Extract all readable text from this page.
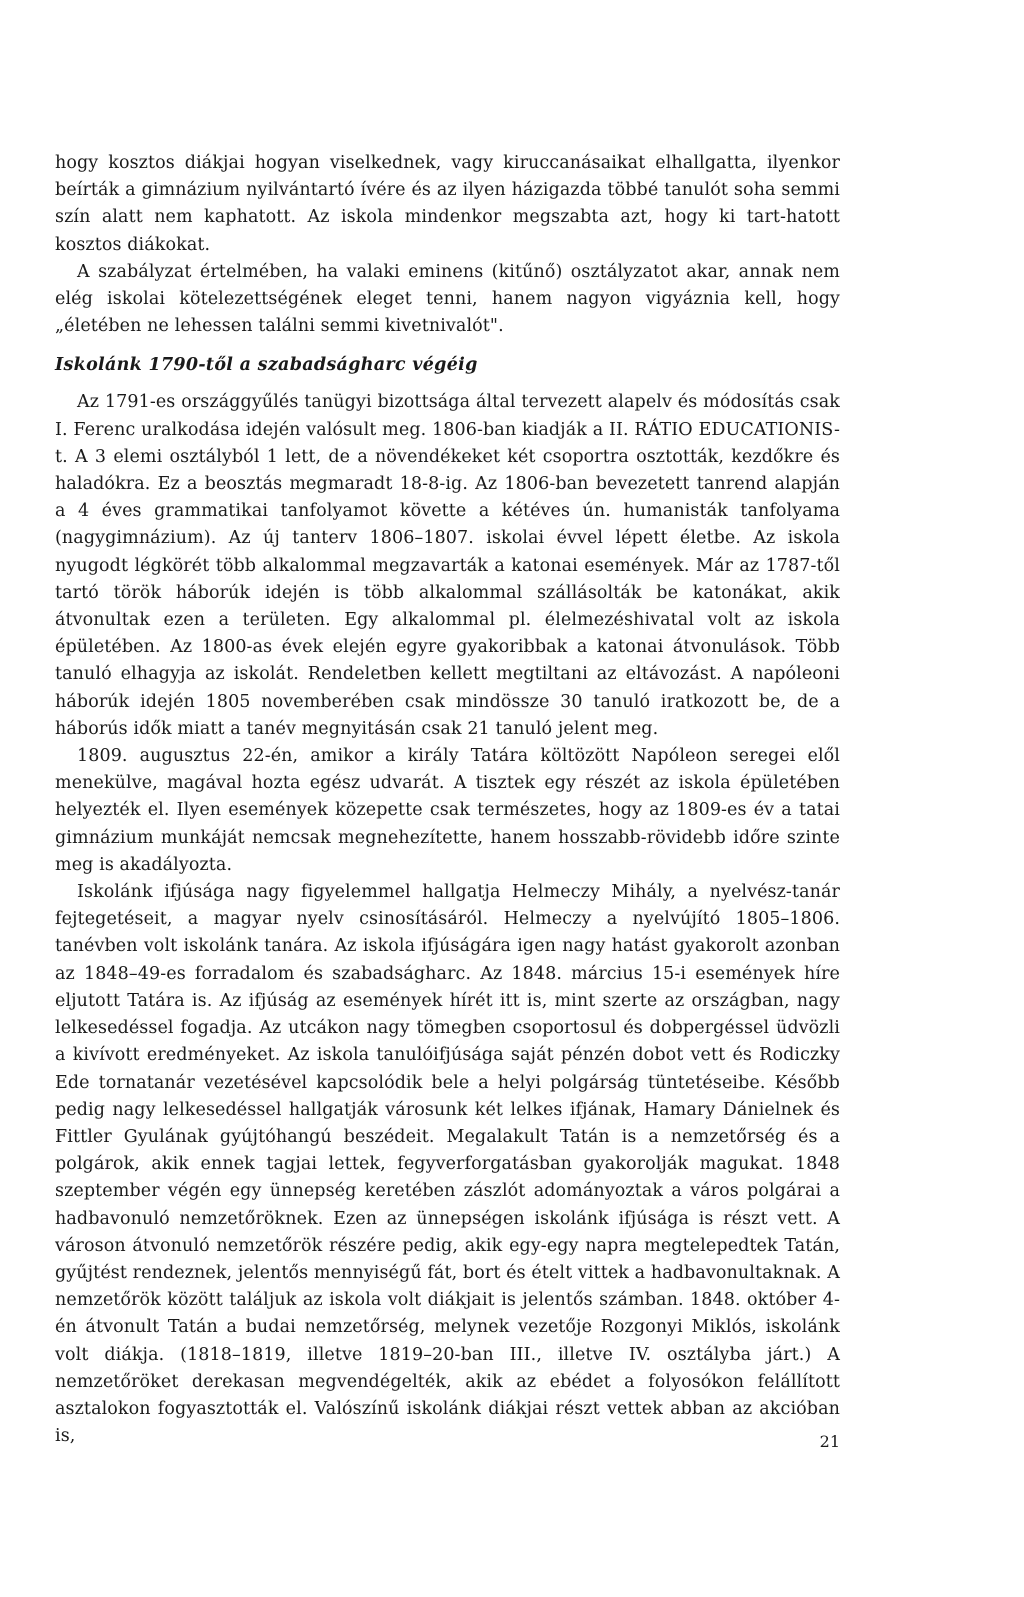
hogy kosztos diákjai hogyan viselkednek, vagy kiruccanásaikat elhallgatta, ilyenkor beírták a gimnázium nyilvántartó ívére és az ilyen házigazda többé tanulót soha semmi szín alatt nem kaphatott. Az iskola mindenkor megszabta azt, hogy ki tart-hatott kosztos diákokat.

A szabályzat értelmében, ha valaki eminens (kitűnő) osztályzatot akar, annak nem elég iskolai kötelezettségének eleget tenni, hanem nagyon vigyáznia kell, hogy „életében ne lehessen találni semmi kivetnivalót".

Iskolánk 1790-től a szabadságharc végéig

Az 1791-es országgyűlés tanügyi bizottsága által tervezett alapelv és módosítás csak I. Ferenc uralkodása idején valósult meg. 1806-ban kiadják a II. RÁTIO EDUCATIONIS-t. A 3 elemi osztályból 1 lett, de a növendékeket két csoportra osztották, kezdőkre és haladókra. Ez a beosztás megmaradt 18-8-ig. Az 1806-ban bevezetett tanrend alapján a 4 éves grammatikai tanfolyamot követte a kétéves ún. humanisták tanfolyama (nagygimnázium). Az új tanterv 1806–1807. iskolai évvel lépett életbe. Az iskola nyugodt légkörét több alkalommal megzavarták a katonai események. Már az 1787-től tartó török háborúk idején is több alkalommal szállásolták be katonákat, akik átvonultak ezen a területen. Egy alkalommal pl. élelmezéshivatal volt az iskola épületében. Az 1800-as évek elején egyre gyakoribbak a katonai átvonulások. Több tanuló elhagyja az iskolát. Rendeletben kellett megtiltani az eltávozást. A napóleoni háborúk idején 1805 novemberében csak mindössze 30 tanuló iratkozott be, de a háborús idők miatt a tanév megnyitásán csak 21 tanuló jelent meg.

1809. augusztus 22-én, amikor a király Tatára költözött Napóleon seregei elől menekülve, magával hozta egész udvarát. A tisztek egy részét az iskola épületében helyezték el. Ilyen események közepette csak természetes, hogy az 1809-es év a tatai gimnázium munkáját nemcsak megnehezítette, hanem hosszabb-rövidebb időre szinte meg is akadályozta.

Iskolánk ifjúsága nagy figyelemmel hallgatja Helmeczy Mihály, a nyelvész-tanár fejtegetéseit, a magyar nyelv csinosításáról. Helmeczy a nyelvújító 1805–1806. tanévben volt iskolánk tanára. Az iskola ifjúságára igen nagy hatást gyakorolt azonban az 1848–49-es forradalom és szabadságharc. Az 1848. március 15-i események híre eljutott Tatára is. Az ifjúság az események hírét itt is, mint szerte az országban, nagy lelkesedéssel fogadja. Az utcákon nagy tömegben csoportosul és dobpergéssel üdvözli a kivívott eredményeket. Az iskola tanulóifjúsága saját pénzén dobot vett és Rodiczky Ede tornatanár vezetésével kapcsolódik bele a helyi polgárság tüntetéseibe. Később pedig nagy lelkesedéssel hallgatják városunk két lelkes ifjának, Hamary Dánielnek és Fittler Gyulának gyújtóhangú beszédeit. Megalakult Tatán is a nemzetőrség és a polgárok, akik ennek tagjai lettek, fegyverforgatásban gyakorolják magukat. 1848 szeptember végén egy ünnepség keretében zászlót adományoztak a város polgárai a hadbavonuló nemzetőröknek. Ezen az ünnepségen iskolánk ifjúsága is részt vett. A városon átvonuló nemzetőrök részére pedig, akik egy-egy napra megtelepedtek Tatán, gyűjtést rendeznek, jelentős mennyiségű fát, bort és ételt vittek a hadbavonultaknak. A nemzetőrök között találjuk az iskola volt diákjait is jelentős számban. 1848. október 4-én átvonult Tatán a budai nemzetőrség, melynek vezetője Rozgonyi Miklós, iskolánk volt diákja. (1818–1819, illetve 1819–20-ban III., illetve IV. osztályba járt.) A nemzetőröket derekasan megvendégelték, akik az ebédet a folyosókon felállított asztalokon fogyasztották el. Valószínű iskolánk diákjai részt vettek abban az akcióban is,	21
